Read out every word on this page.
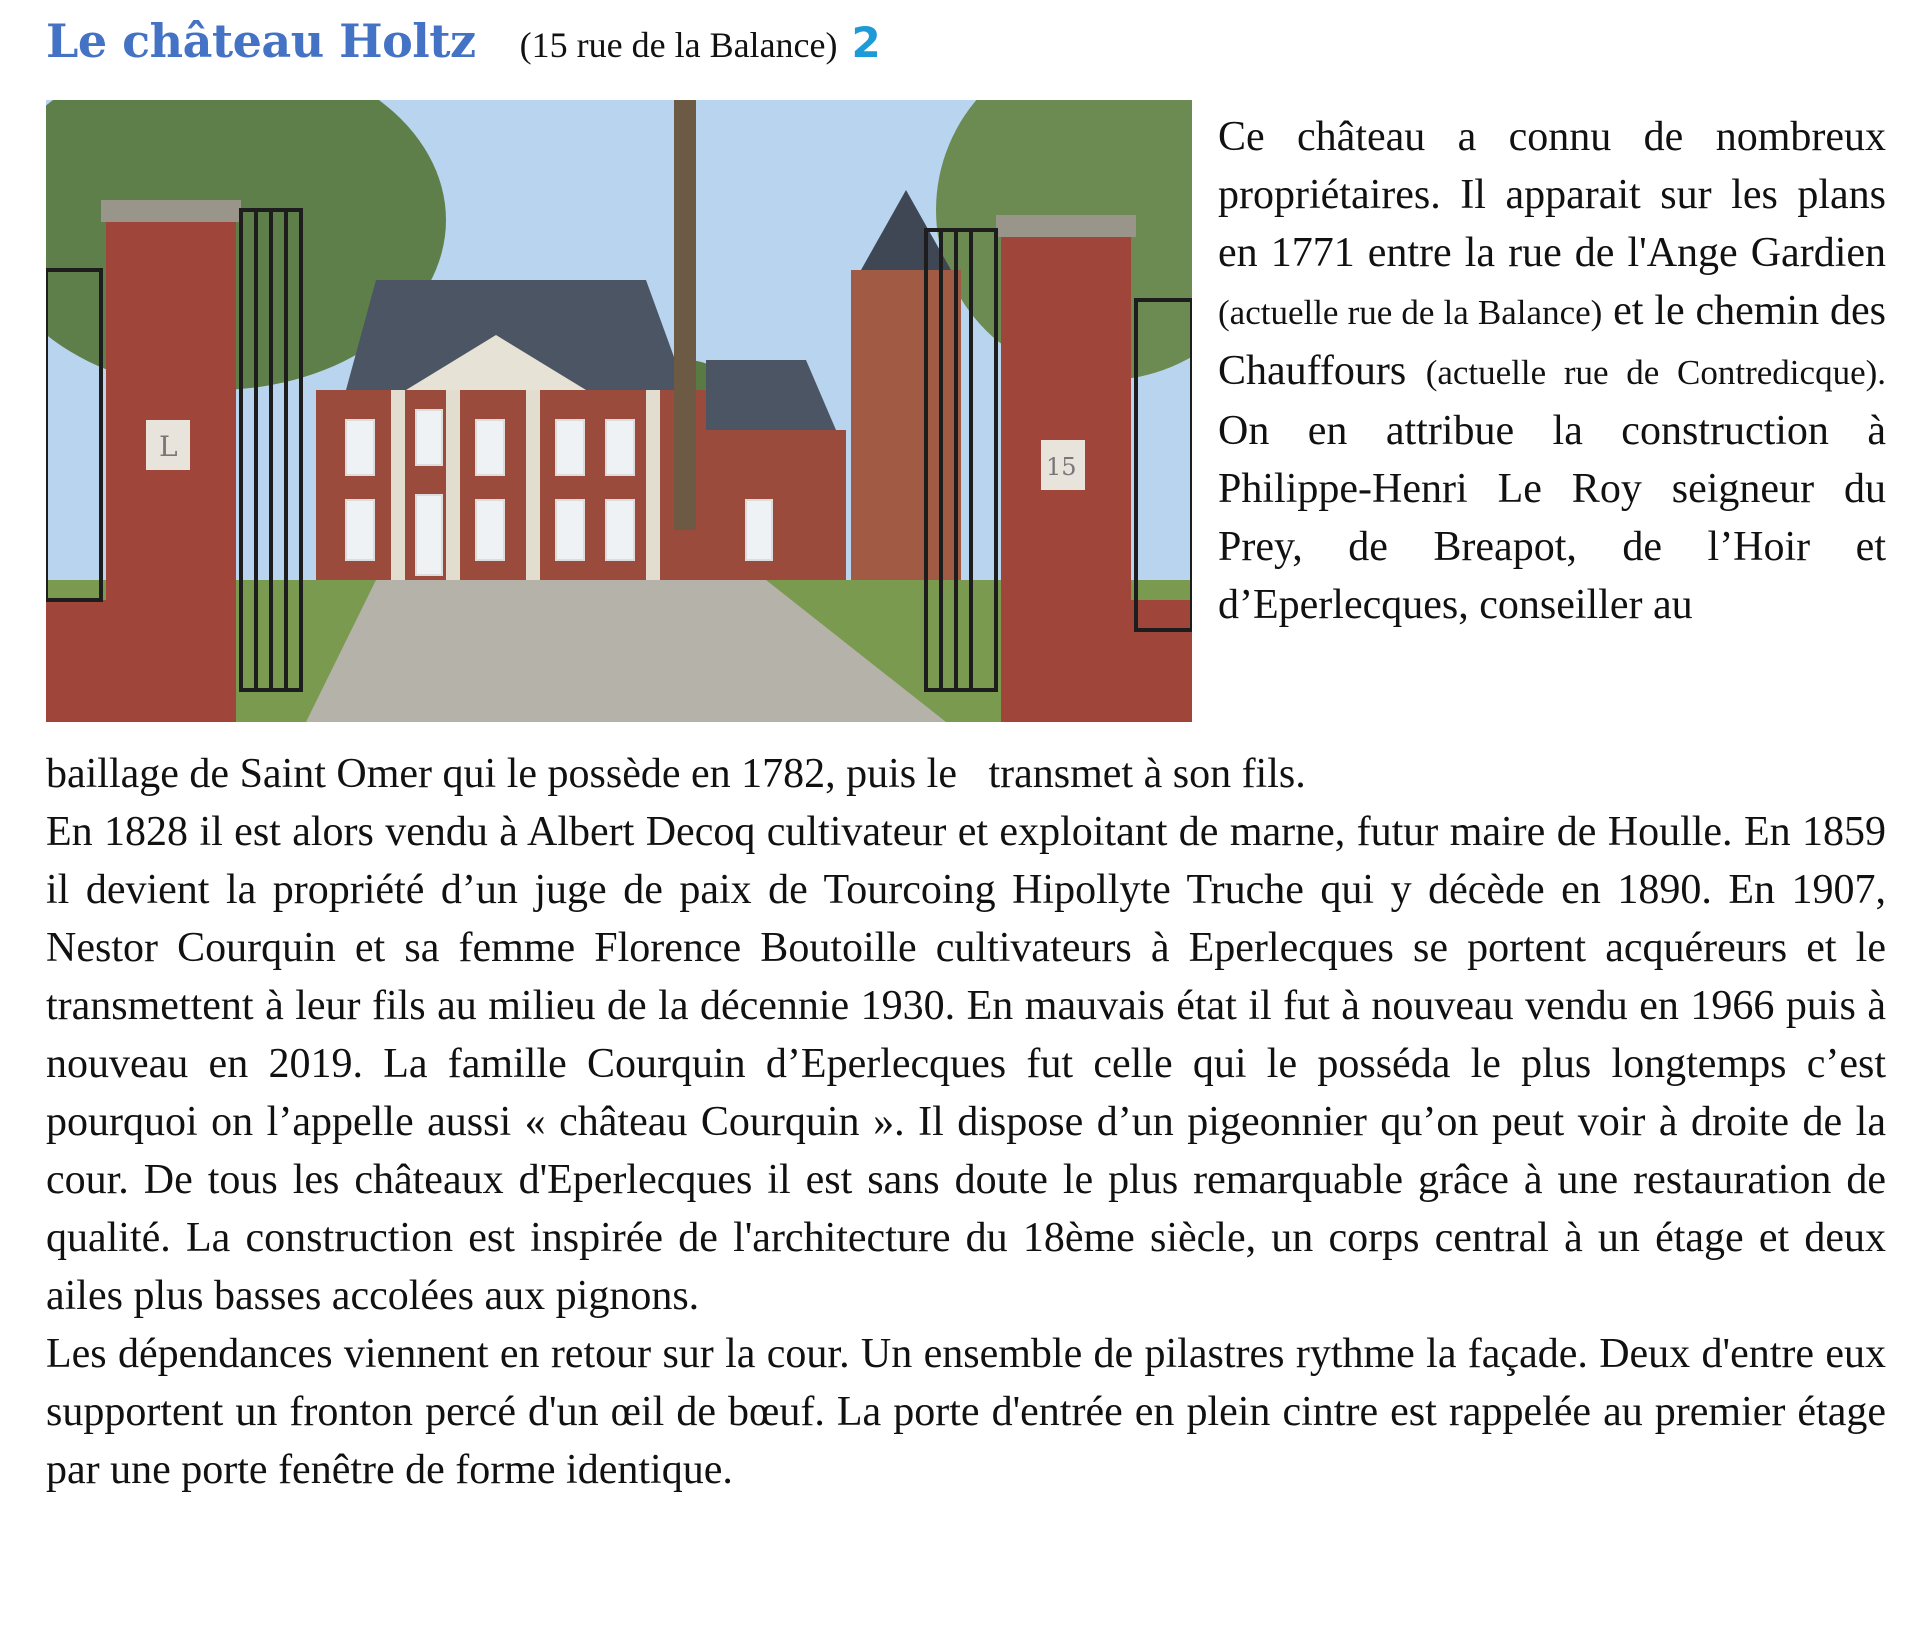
Le château Holtz (15 rue de la Balance) 2
L
15

Ce château a connu de nombreux propriétaires. Il apparait sur les plans en 1771 entre la rue de l'Ange Gardien (actuelle rue de la Balance) et le chemin des Chauffours (actuelle rue de Contredicque). On en attribue la construction à Philippe-Henri Le Roy seigneur du Prey, de Breapot, de l’Hoir et d’Eperlecques, conseiller au

baillage de Saint Omer qui le possède en 1782, puis le   transmet à son fils.

En 1828 il est alors vendu à Albert Decoq cultivateur et exploitant de marne, futur maire de Houlle. En 1859 il devient la propriété d’un juge de paix de Tourcoing Hipollyte Truche qui y décède en 1890. En 1907, Nestor Courquin et sa femme Florence Boutoille cultivateurs à Eperlecques se portent acquéreurs et le transmettent à leur fils au milieu de la décennie 1930. En mauvais état il fut à nouveau vendu en 1966 puis à nouveau en 2019. La famille Courquin d’Eperlecques fut celle qui le posséda le plus longtemps c’est pourquoi on l’appelle aussi « château Courquin ». Il dispose d’un pigeonnier qu’on peut voir à droite de la cour. De tous les châteaux d'Eperlecques il est sans doute le plus remarquable grâce à une restauration de qualité. La construction est inspirée de l'architecture du 18ème siècle, un corps central à un étage et deux ailes plus basses accolées aux pignons.

Les dépendances viennent en retour sur la cour. Un ensemble de pilastres rythme la façade. Deux d'entre eux supportent un fronton percé d'un œil de bœuf. La porte d'entrée en plein cintre est rappelée au premier étage par une porte fenêtre de forme identique.
